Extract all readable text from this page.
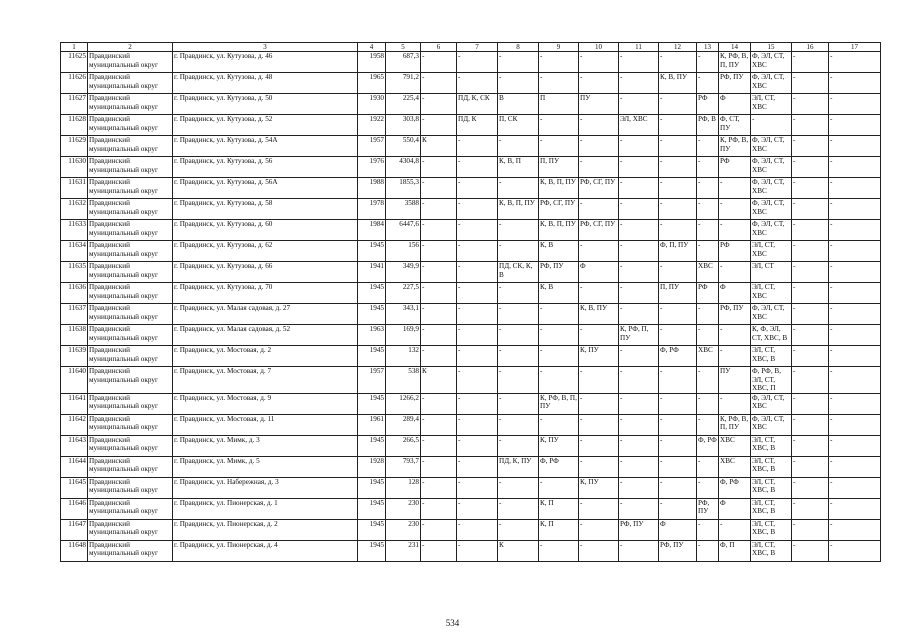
1	2	3	4	5	6	7	8	9	10	11	12	13	14	15	16	17
11625	Правдинский муниципальный округ	г. Правдинск, ул. Кутузова, д. 46	1958	687,3	-	-	-	-	-	-	-	-	К, РФ, В, П, ПУ	Ф, ЭЛ, СТ, ХВС	-	-
11626	Правдинский муниципальный округ	г. Правдинск, ул. Кутузова, д. 48	1965	791,2	-	-	-	-	-	-	К, В, ПУ	-	РФ, ПУ	Ф, ЭЛ, СТ, ХВС	-	-
11627	Правдинский муниципальный округ	г. Правдинск, ул. Кутузова, д. 50	1930	225,4	-	ПД, К, СК	В	П	ПУ	-	-	РФ	Ф	ЭЛ, СТ, ХВС	-	-
11628	Правдинский муниципальный округ	г. Правдинск, ул. Кутузова, д. 52	1922	303,8	-	ПД, К	П, СК	-	-	ЭЛ, ХВС	-	РФ, В	Ф, СТ, ПУ	-	-	-
11629	Правдинский муниципальный округ	г. Правдинск, ул. Кутузова, д. 54А	1957	550,4	К	-	-	-	-	-	-	-	К, РФ, В, ПУ	Ф, ЭЛ, СТ, ХВС	-	-
11630	Правдинский муниципальный округ	г. Правдинск, ул. Кутузова, д. 56	1976	4304,8	-	-	К, В, П	П, ПУ	-	-	-	-	РФ	Ф, ЭЛ, СТ, ХВС	-	-
11631	Правдинский муниципальный округ	г. Правдинск, ул. Кутузова, д. 56А	1988	1855,3	-	-	-	К, В, П, ПУ	РФ, СГ, ПУ	-	-	-	-	Ф, ЭЛ, СТ, ХВС	-	-
11632	Правдинский муниципальный округ	г. Правдинск, ул. Кутузова, д. 58	1978	3588	-	-	К, В, П, ПУ	РФ, СГ, ПУ	-	-	-	-	-	Ф, ЭЛ, СТ, ХВС	-	-
11633	Правдинский муниципальный округ	г. Правдинск, ул. Кутузова, д. 60	1984	6447,6	-	-	-	К, В, П, ПУ	РФ, СГ, ПУ	-	-	-	-	Ф, ЭЛ, СТ, ХВС	-	-
11634	Правдинский муниципальный округ	г. Правдинск, ул. Кутузова, д. 62	1945	156	-	-	-	К, В	-	-	Ф, П, ПУ	-	РФ	ЭЛ, СТ, ХВС	-	-
11635	Правдинский муниципальный округ	г. Правдинск, ул. Кутузова, д. 66	1941	349,9	-	-	ПД, СК, К, В	РФ, ПУ	Ф	-	-	ХВС	-	ЭЛ, СТ	-	-
11636	Правдинский муниципальный округ	г. Правдинск, ул. Кутузова, д. 70	1945	227,5	-	-	-	К, В	-	-	П, ПУ	РФ	Ф	ЭЛ, СТ, ХВС	-	-
11637	Правдинский муниципальный округ	г. Правдинск, ул. Малая садовая, д. 27	1945	343,1	-	-	-	-	К, В, ПУ	-	-	-	РФ, ПУ	Ф, ЭЛ, СТ, ХВС	-	-
11638	Правдинский муниципальный округ	г. Правдинск, ул. Малая садовая, д. 52	1963	169,9	-	-	-	-	-	К, РФ, П, ПУ	-	-	-	К, Ф, ЭЛ, СТ, ХВС, В	-	-
11639	Правдинский муниципальный округ	г. Правдинск, ул. Мостовая, д. 2	1945	132	-	-	-	-	К, ПУ	-	Ф, РФ	ХВС	-	ЭЛ, СТ, ХВС, В	-	-
11640	Правдинский муниципальный округ	г. Правдинск, ул. Мостовая, д. 7	1957	538	К	-	-	-	-	-	-	-	ПУ	Ф, РФ, В, ЭЛ, СТ, ХВС, П	-	-
11641	Правдинский муниципальный округ	г. Правдинск, ул. Мостовая, д. 9	1945	1266,2	-	-	-	К, РФ, В, П, ПУ	-	-	-	-	-	Ф, ЭЛ, СТ, ХВС	-	-
11642	Правдинский муниципальный округ	г. Правдинск, ул. Мостовая, д. 11	1961	289,4	-	-	-	-	-	-	-	-	К, РФ, В, П, ПУ	Ф, ЭЛ, СТ, ХВС	-	-
11643	Правдинский муниципальный округ	г. Правдинск, ул. Мимк, д. 3	1945	266,5	-	-	-	К, ПУ	-	-	-	Ф, РФ	ХВС	ЭЛ, СТ, ХВС, В	-	-
11644	Правдинский муниципальный округ	г. Правдинск, ул. Мимк, д. 5	1928	793,7	-	-	ПД, К, ПУ	Ф, РФ	-	-	-	-	ХВС	ЭЛ, СТ, ХВС, В	-	-
11645	Правдинский муниципальный округ	г. Правдинск, ул. Набережная, д. 3	1945	128	-	-	-	-	К, ПУ	-	-	-	Ф, РФ	ЭЛ, СТ, ХВС, В	-	-
11646	Правдинский муниципальный округ	г. Правдинск, ул. Пионерская, д. 1	1945	230	-	-	-	К, П	-	-	-	РФ, ПУ	Ф	ЭЛ, СТ, ХВС, В	-	-
11647	Правдинский муниципальный округ	г. Правдинск, ул. Пионерская, д. 2	1945	230	-	-	-	К, П	-	РФ, ПУ	Ф	-	-	ЭЛ, СТ, ХВС, В	-	-
11648	Правдинский муниципальный округ	г. Правдинск, ул. Пионерская, д. 4	1945	231	-	-	К	-	-	-	РФ, ПУ	-	Ф, П	ЭЛ, СТ, ХВС, В	-	-
534
